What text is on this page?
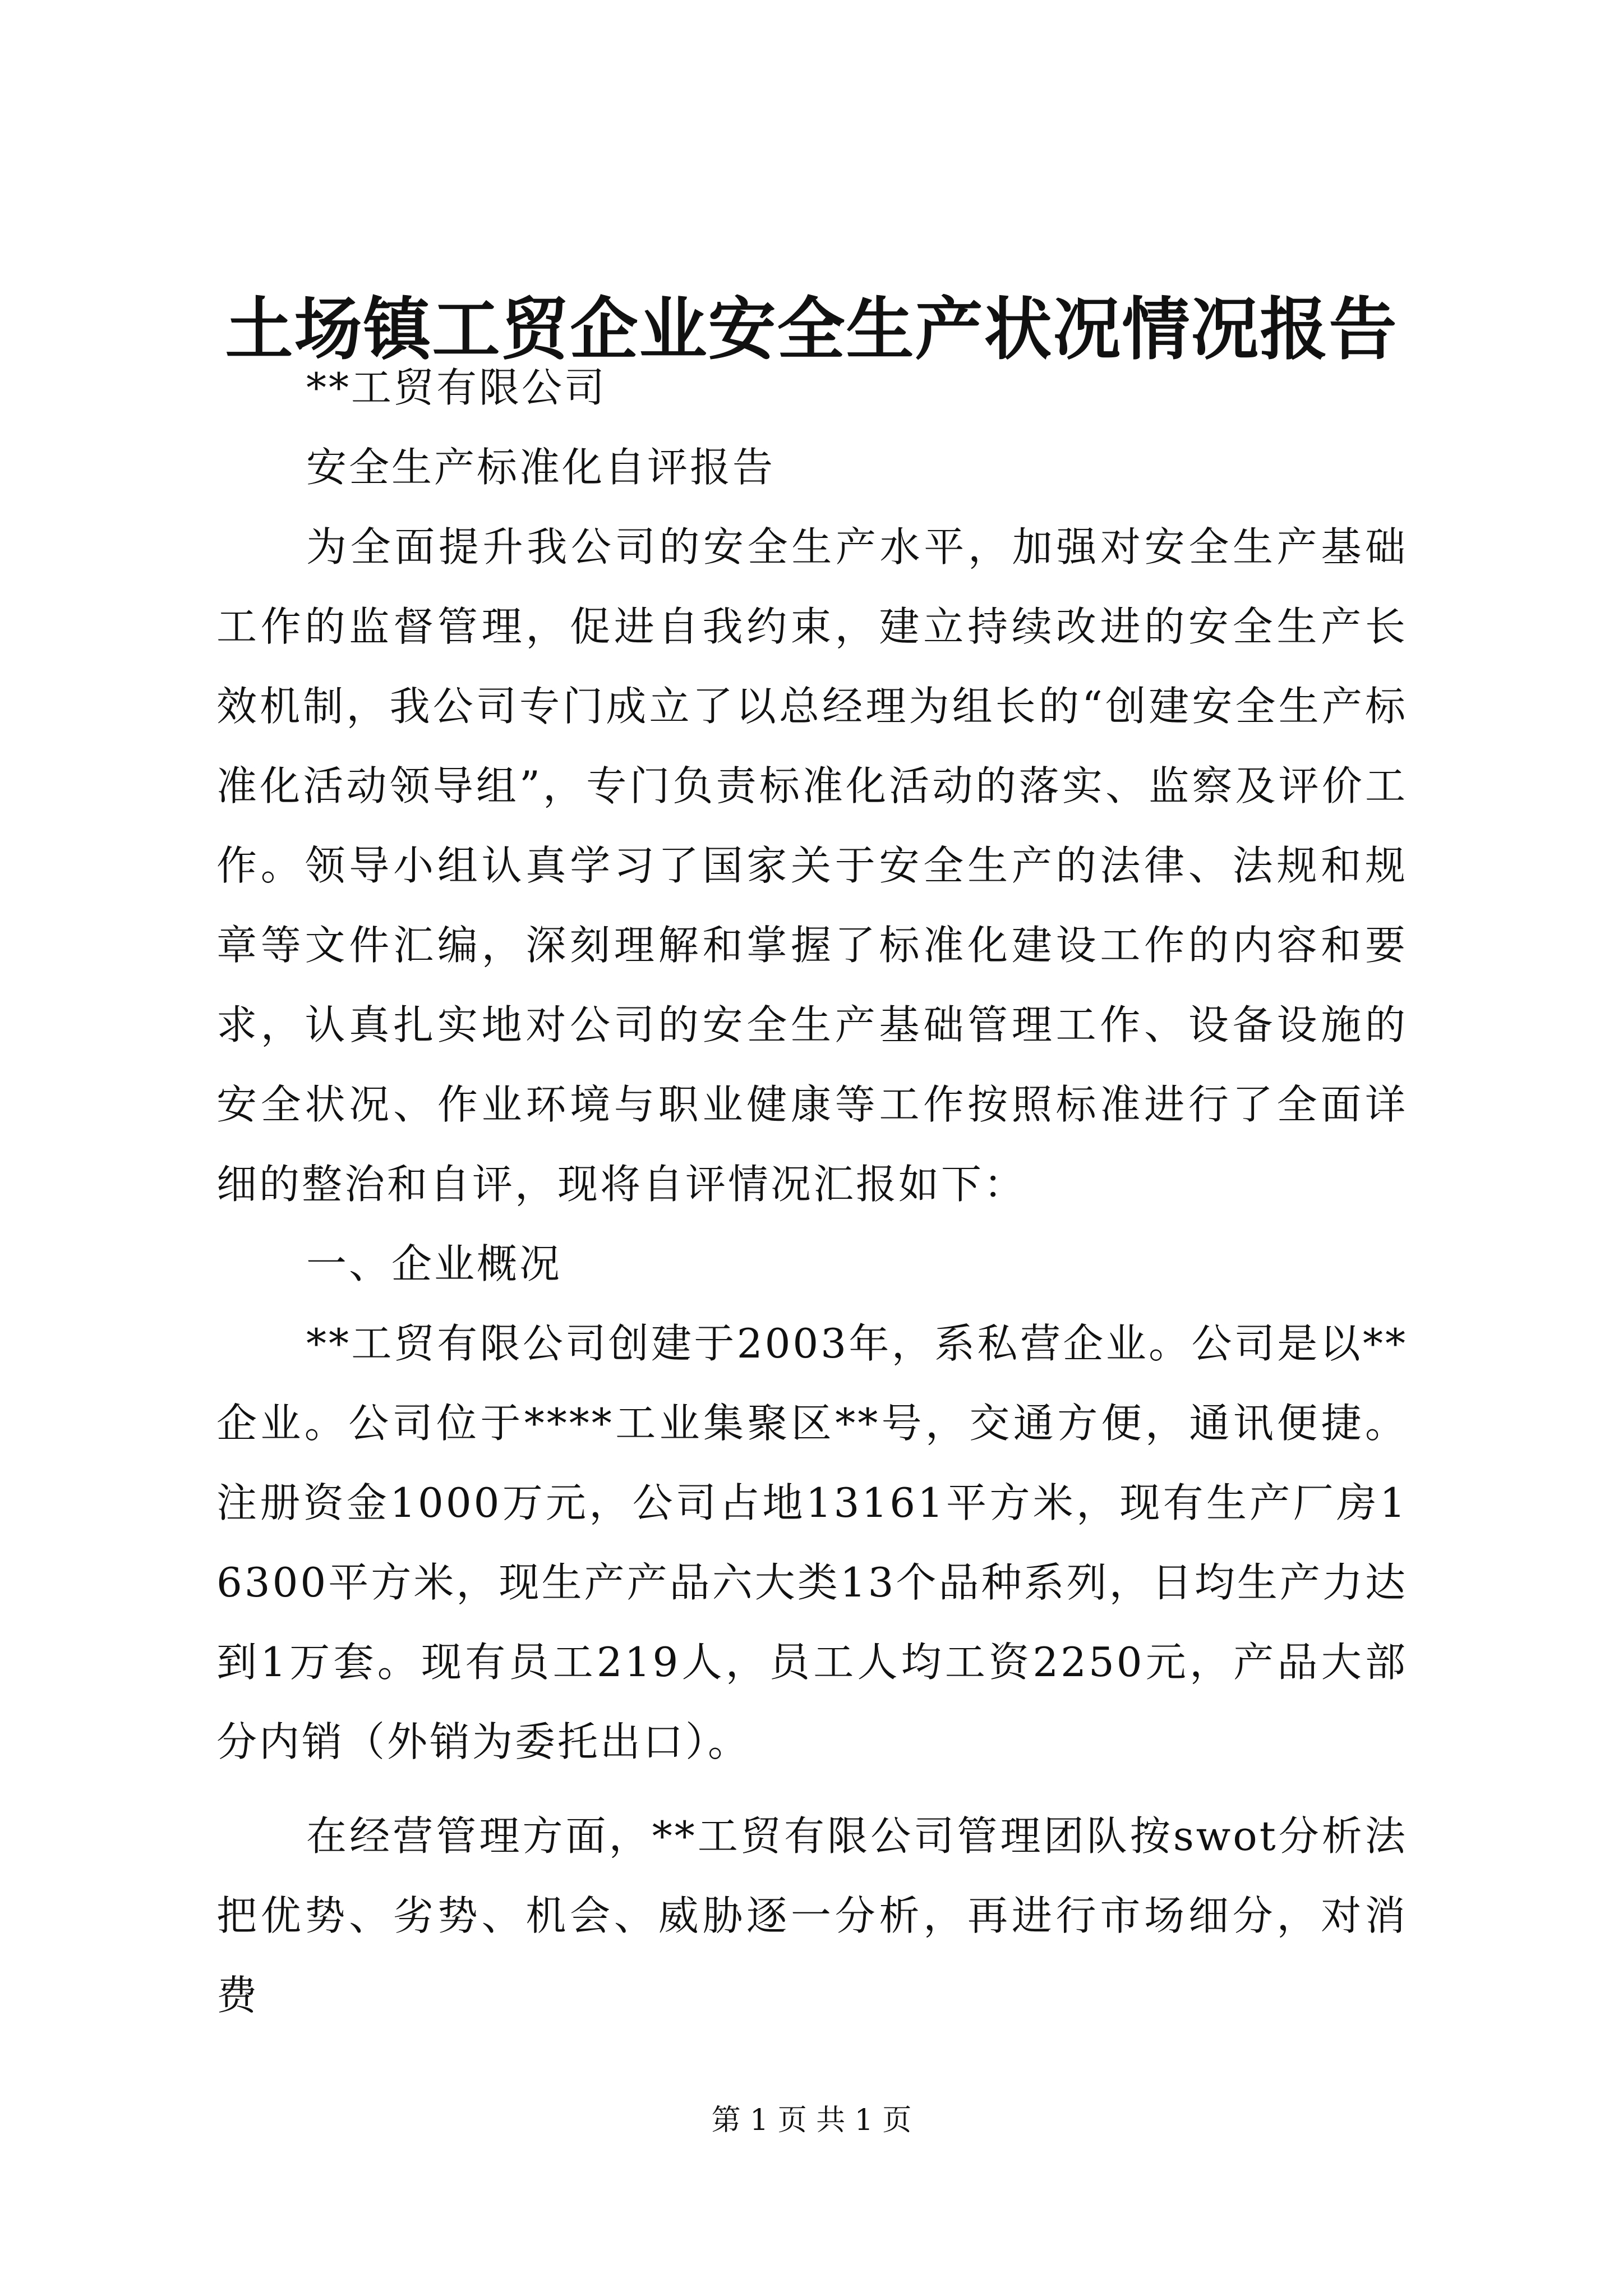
土场镇工贸企业安全生产状况情况报告

**工贸有限公司

安全生产标准化自评报告

为全面提升我公司的安全生产水平，加强对安全生产基础工作的监督管理，促进自我约束，建立持续改进的安全生产长效机制，我公司专门成立了以总经理为组长的“创建安全生产标准化活动领导组”，专门负责标准化活动的落实、监察及评价工作。领导小组认真学习了国家关于安全生产的法律、法规和规章等文件汇编，深刻理解和掌握了标准化建设工作的内容和要求，认真扎实地对公司的安全生产基础管理工作、设备设施的安全状况、作业环境与职业健康等工作按照标准进行了全面详细的整治和自评，现将自评情况汇报如下：

一、企业概况

**工贸有限公司创建于2003年，系私营企业。公司是以**企业。公司位于****工业集聚区**号，交通方便，通讯便捷。注册资金1000万元，公司占地13161平方米，现有生产厂房16300平方米，现生产产品六大类13个品种系列，日均生产力达到1万套。现有员工219人，员工人均工资2250元，产品大部分内销（外销为委托出口）。

在经营管理方面，**工贸有限公司管理团队按swot分析法把优势、劣势、机会、威胁逐一分析，再进行市场细分，对消费

第 1 页 共 1 页
